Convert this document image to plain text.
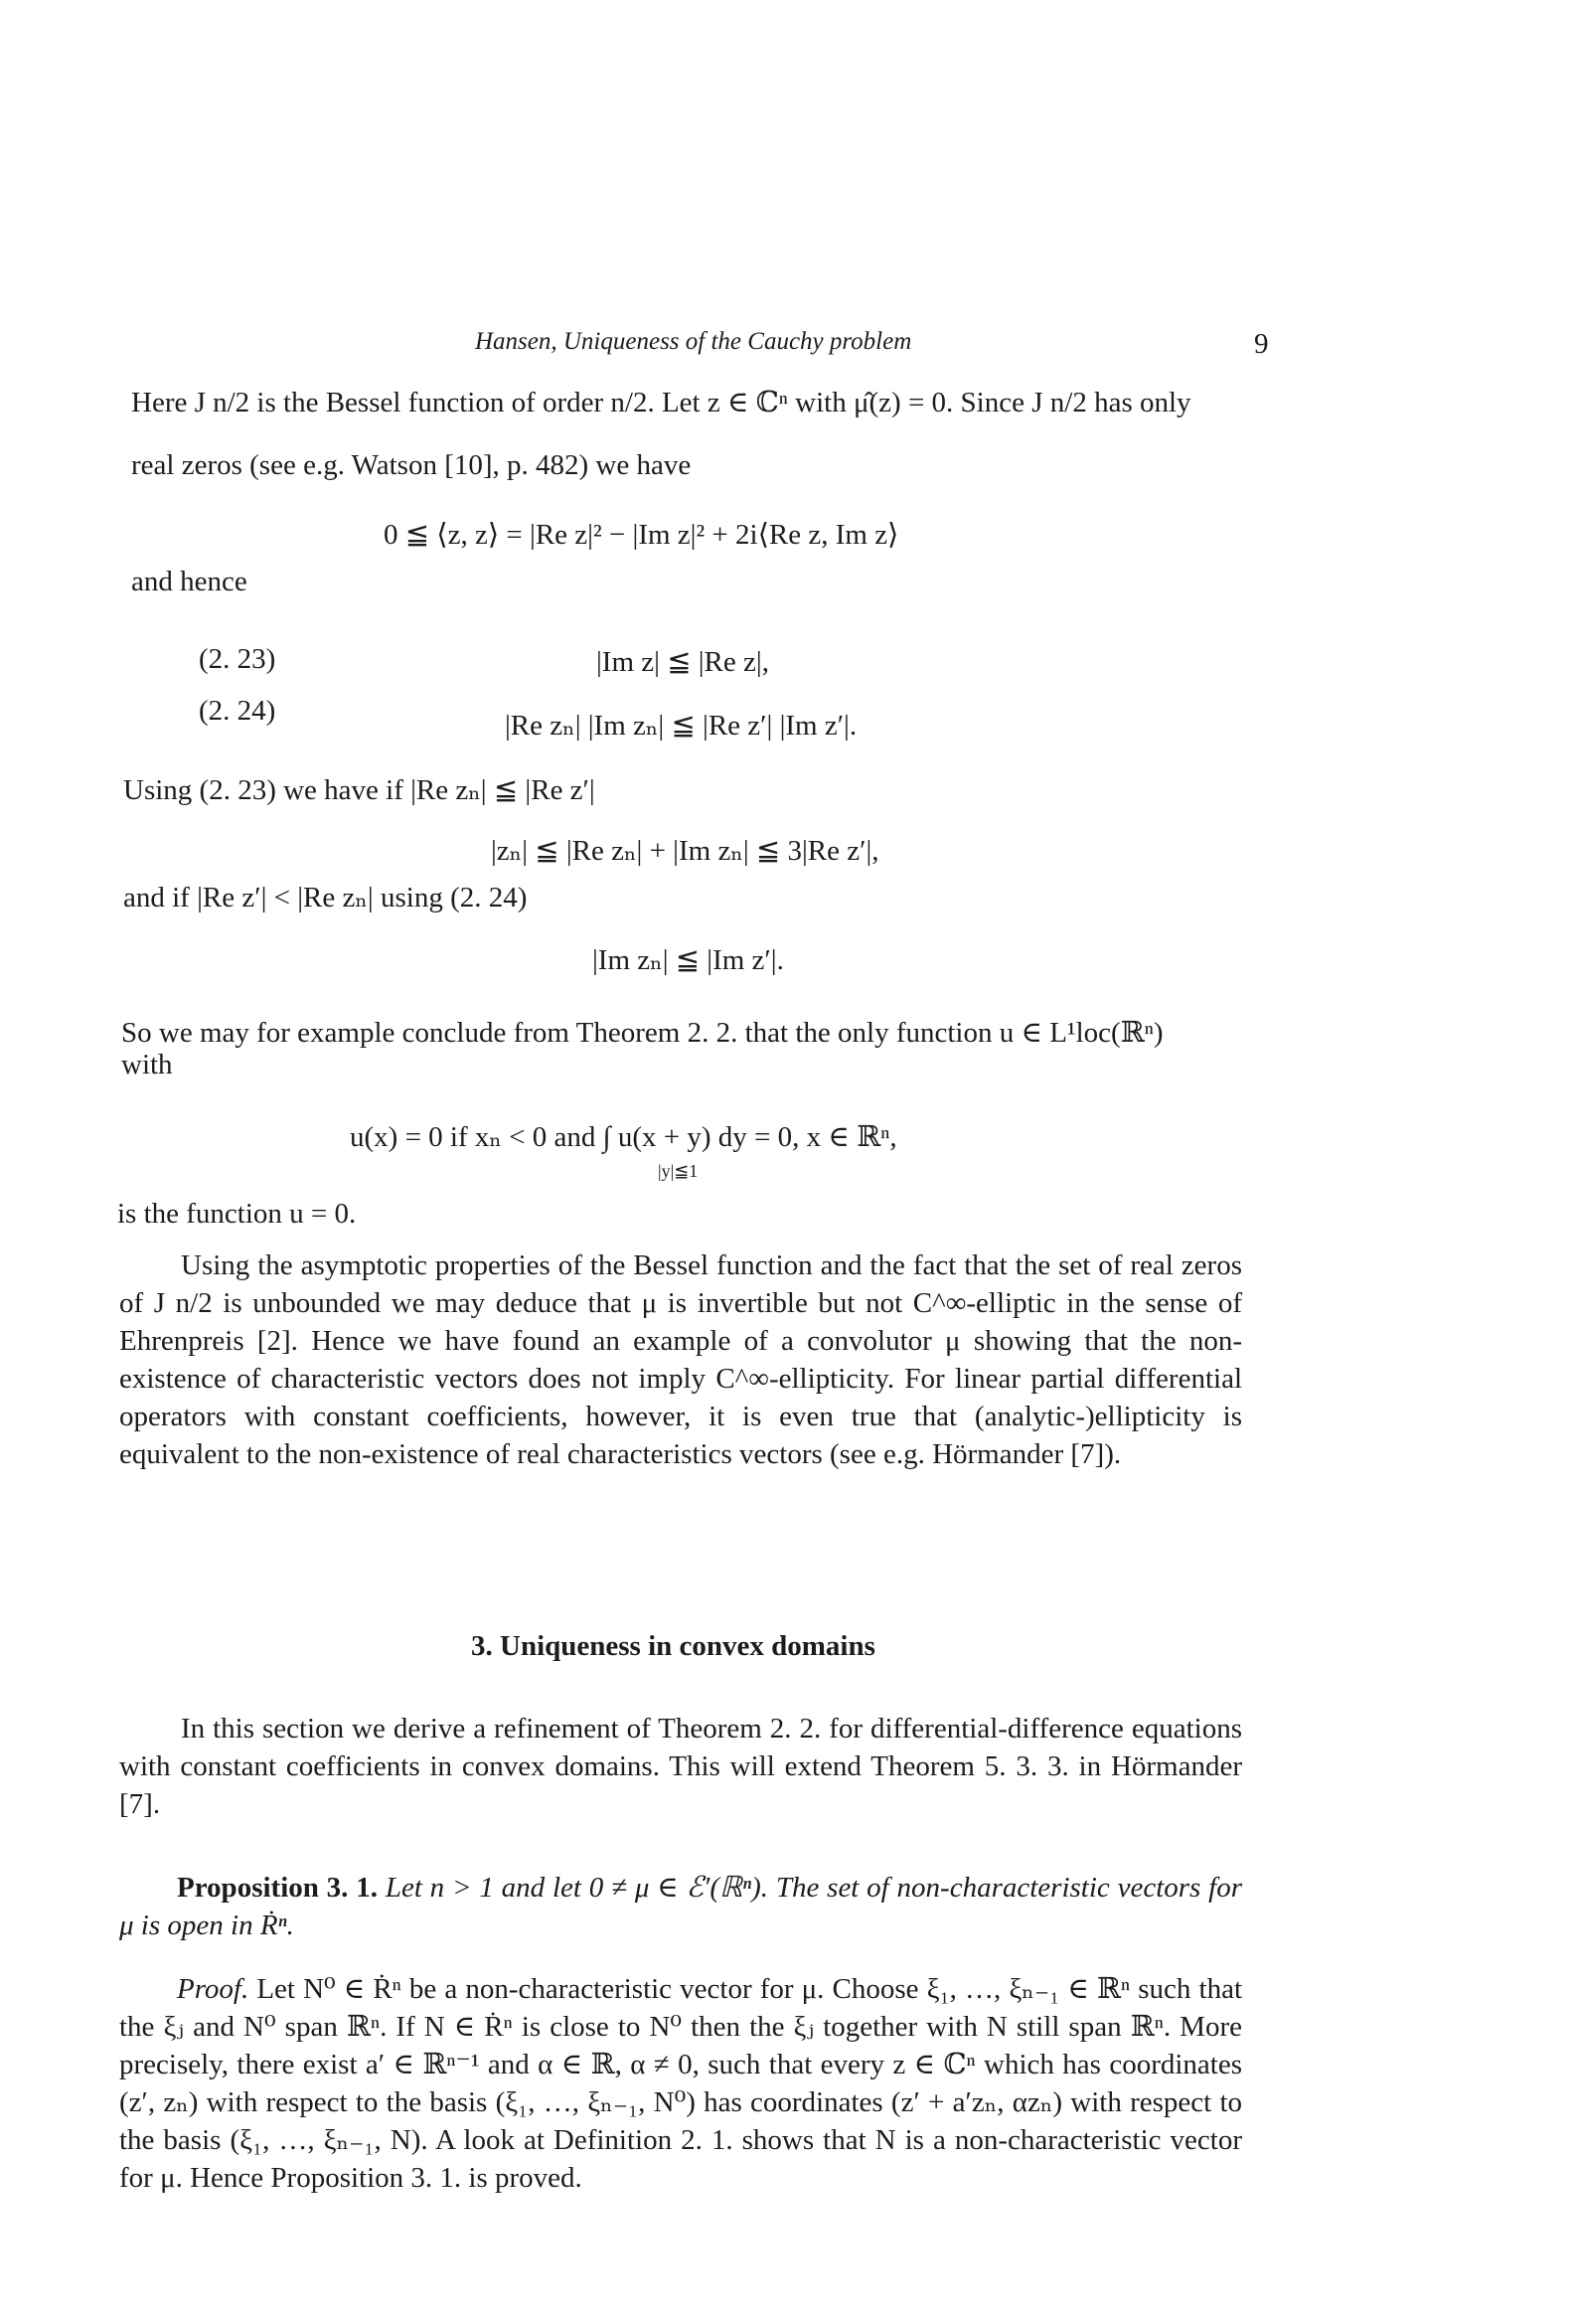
Hansen, Uniqueness of the Cauchy problem	9
Here J n/2 is the Bessel function of order n/2. Let z ∈ ℂⁿ with μ̂(z) = 0. Since J n/2 has only
real zeros (see e.g. Watson [10], p. 482) we have
0 ≦ ⟨z, z⟩ = |Re z|² − |Im z|² + 2i⟨Re z, Im z⟩
and hence
(2. 23)	|Im z| ≦ |Re z|,
(2. 24)	|Re zₙ| |Im zₙ| ≦ |Re z′| |Im z′|.
Using (2. 23) we have if |Re zₙ| ≦ |Re z′|
|zₙ| ≦ |Re zₙ| + |Im zₙ| ≦ 3|Re z′|,
and if |Re z′| < |Re zₙ| using (2. 24)
|Im zₙ| ≦ |Im z′|.
So we may for example conclude from Theorem 2. 2. that the only function u ∈ L¹loc(ℝⁿ)
with
u(x) = 0 if xₙ < 0 and ∫ u(x + y) dy = 0, x ∈ ℝⁿ,
|y|≦1
is the function u = 0.
Using the asymptotic properties of the Bessel function and the fact that the set of real zeros of J n/2 is unbounded we may deduce that μ is invertible but not C^∞-elliptic in the sense of Ehrenpreis [2]. Hence we have found an example of a convolutor μ showing that the non-existence of characteristic vectors does not imply C^∞-ellipticity. For linear partial differential operators with constant coefficients, however, it is even true that (analytic-)ellipticity is equivalent to the non-existence of real characteristics vectors (see e.g. Hörmander [7]).
3. Uniqueness in convex domains
In this section we derive a refinement of Theorem 2. 2. for differential-difference equations with constant coefficients in convex domains. This will extend Theorem 5. 3. 3. in Hörmander [7].
Proposition 3. 1. Let n > 1 and let 0 ≠ μ ∈ ℰ′(ℝⁿ). The set of non-characteristic vectors for μ is open in Ṙⁿ.
Proof. Let N⁰ ∈ Ṙⁿ be a non-characteristic vector for μ. Choose ξ₁, …, ξₙ₋₁ ∈ ℝⁿ such that the ξⱼ and N⁰ span ℝⁿ. If N ∈ Ṙⁿ is close to N⁰ then the ξⱼ together with N still span ℝⁿ. More precisely, there exist a′ ∈ ℝⁿ⁻¹ and α ∈ ℝ, α ≠ 0, such that every z ∈ ℂⁿ which has coordinates (z′, zₙ) with respect to the basis (ξ₁, …, ξₙ₋₁, N⁰) has coordinates (z′ + a′zₙ, αzₙ) with respect to the basis (ξ₁, …, ξₙ₋₁, N). A look at Definition 2. 1. shows that N is a non-characteristic vector for μ. Hence Proposition 3. 1. is proved.
